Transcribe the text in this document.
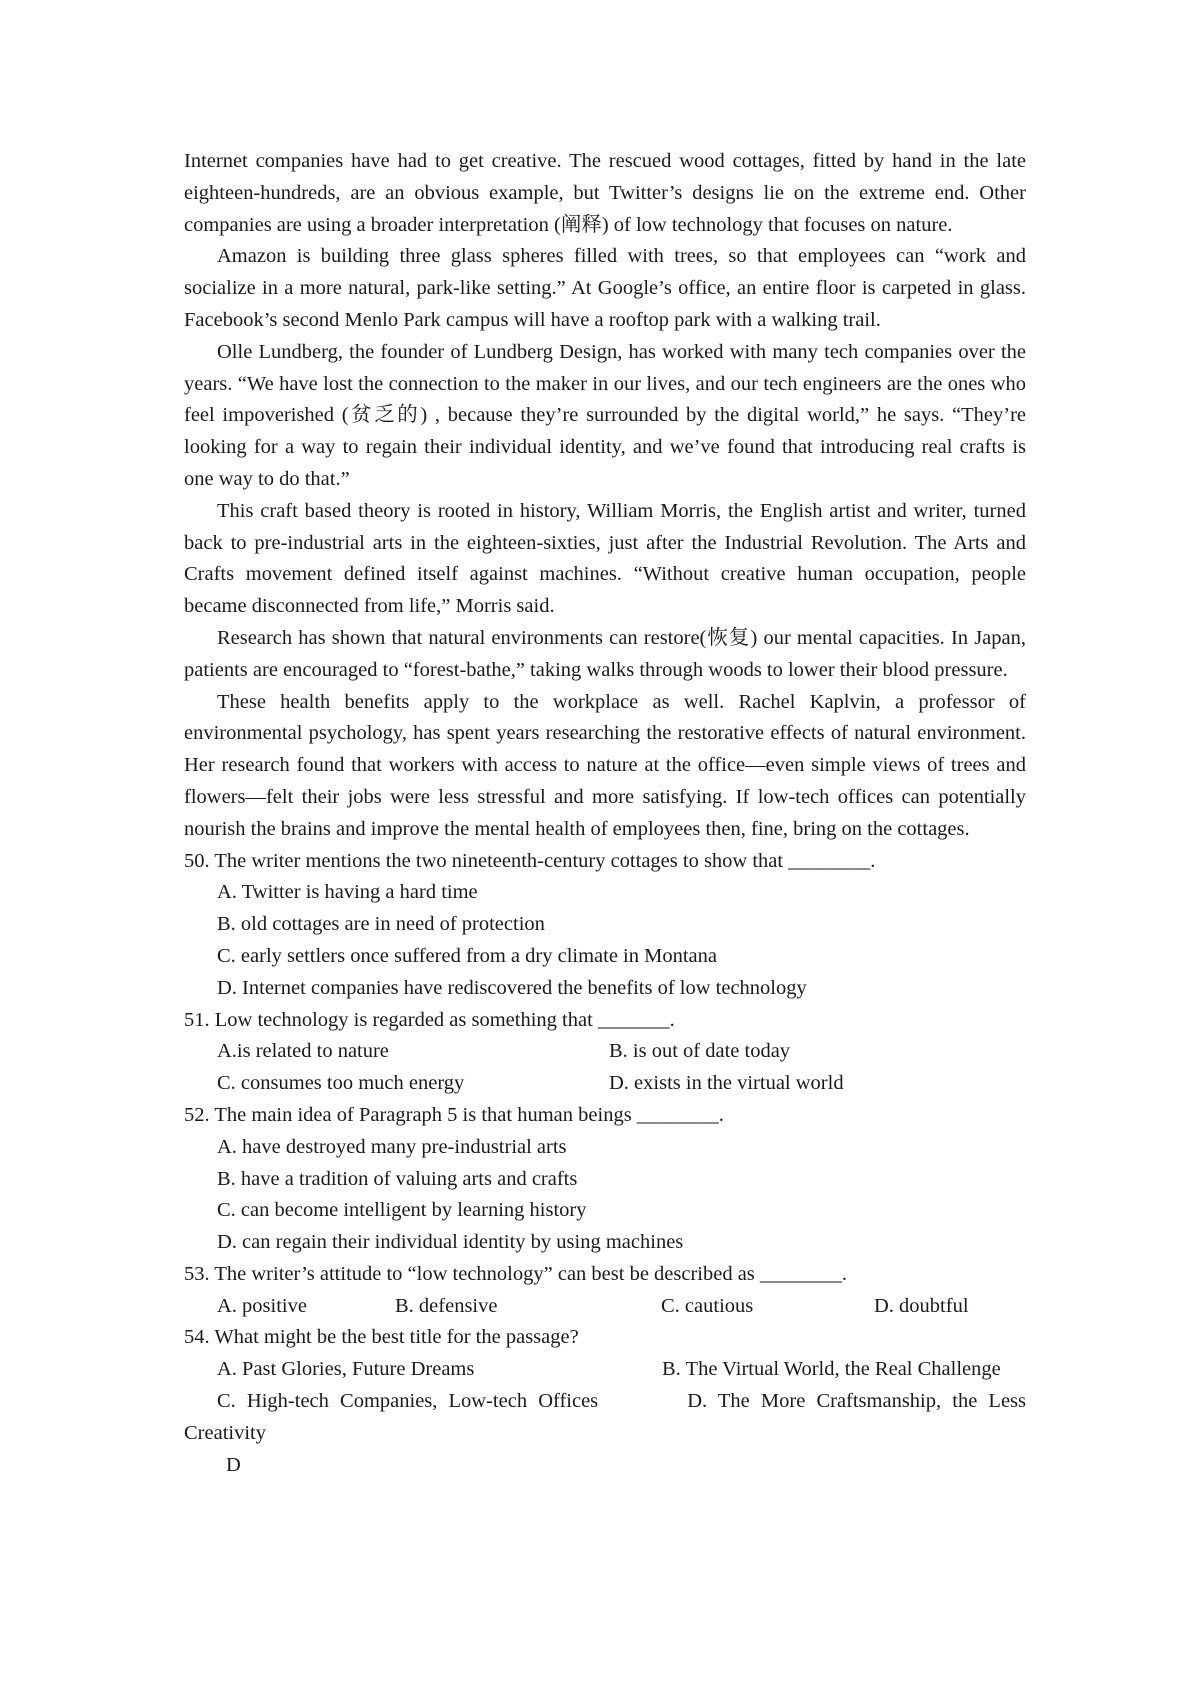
Internet companies have had to get creative. The rescued wood cottages, fitted by hand in the late eighteen-hundreds, are an obvious example, but Twitter’s designs lie on the extreme end. Other companies are using a broader interpretation (阐释) of low technology that focuses on nature.

Amazon is building three glass spheres filled with trees, so that employees can “work and socialize in a more natural, park-like setting.” At Google’s office, an entire floor is carpeted in glass. Facebook’s second Menlo Park campus will have a rooftop park with a walking trail.

Olle Lundberg, the founder of Lundberg Design, has worked with many tech companies over the years. “We have lost the connection to the maker in our lives, and our tech engineers are the ones who feel impoverished (贫乏的) , because they’re surrounded by the digital world,” he says. “They’re looking for a way to regain their individual identity, and we’ve found that introducing real crafts is one way to do that.”

This craft based theory is rooted in history, William Morris, the English artist and writer, turned back to pre-industrial arts in the eighteen-sixties, just after the Industrial Revolution. The Arts and Crafts movement defined itself against machines. “Without creative human occupation, people became disconnected from life,” Morris said.

Research has shown that natural environments can restore(恢复) our mental capacities. In Japan, patients are encouraged to “forest-bathe,” taking walks through woods to lower their blood pressure.

These health benefits apply to the workplace as well. Rachel Kaplvin, a professor of environmental psychology, has spent years researching the restorative effects of natural environment. Her research found that workers with access to nature at the office—even simple views of trees and flowers—felt their jobs were less stressful and more satisfying. If low-tech offices can potentially nourish the brains and improve the mental health of employees then, fine, bring on the cottages.

50. The writer mentions the two nineteenth-century cottages to show that ________.

A. Twitter is having a hard time

B. old cottages are in need of protection

C. early settlers once suffered from a dry climate in Montana

D. Internet companies have rediscovered the benefits of low technology

51. Low technology is regarded as something that _______.

A.is related to nature	B. is out of date today
C. consumes too much energy	D. exists in the virtual world

52. The main idea of Paragraph 5 is that human beings ________.

A. have destroyed many pre-industrial arts

B. have a tradition of valuing arts and crafts

C. can become intelligent by learning history

D. can regain their individual identity by using machines

53. The writer’s attitude to “low technology” can best be described as ________.

A. positive	B. defensive	C. cautious	D. doubtful

54. What might be the best title for the passage?

A. Past Glories, Future Dreams	B. The Virtual World, the Real Challenge

C. High-tech Companies, Low-tech Offices	D. The More Craftsmanship, the Less

Creativity

D
